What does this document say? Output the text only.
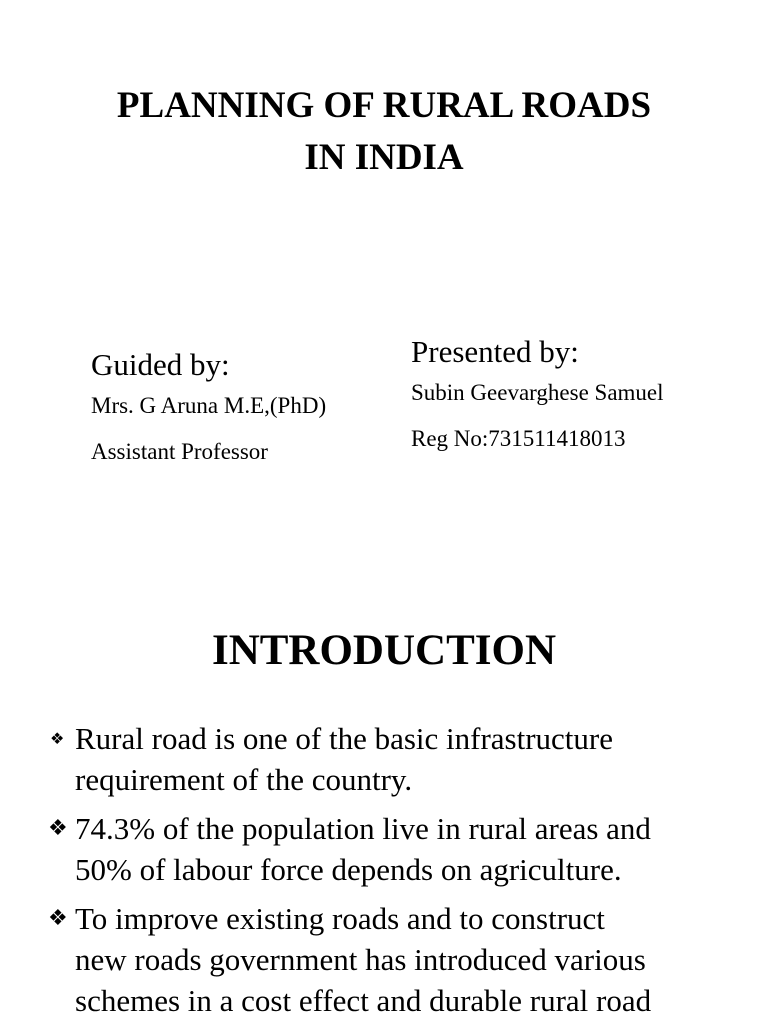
PLANNING OF RURAL ROADS
IN INDIA

Guided by:

Mrs. G Aruna M.E,(PhD)

Assistant Professor

Presented by:

Subin Geevarghese Samuel

Reg No:731511418013

INTRODUCTION
❖ Rural road is one of the basic infrastructure
requirement of the country.
❖ 74.3% of the population live in rural areas and
50% of labour force depends on agriculture.
❖ To improve existing roads and to construct
new roads government has introduced various
schemes in a cost effect and durable rural road
